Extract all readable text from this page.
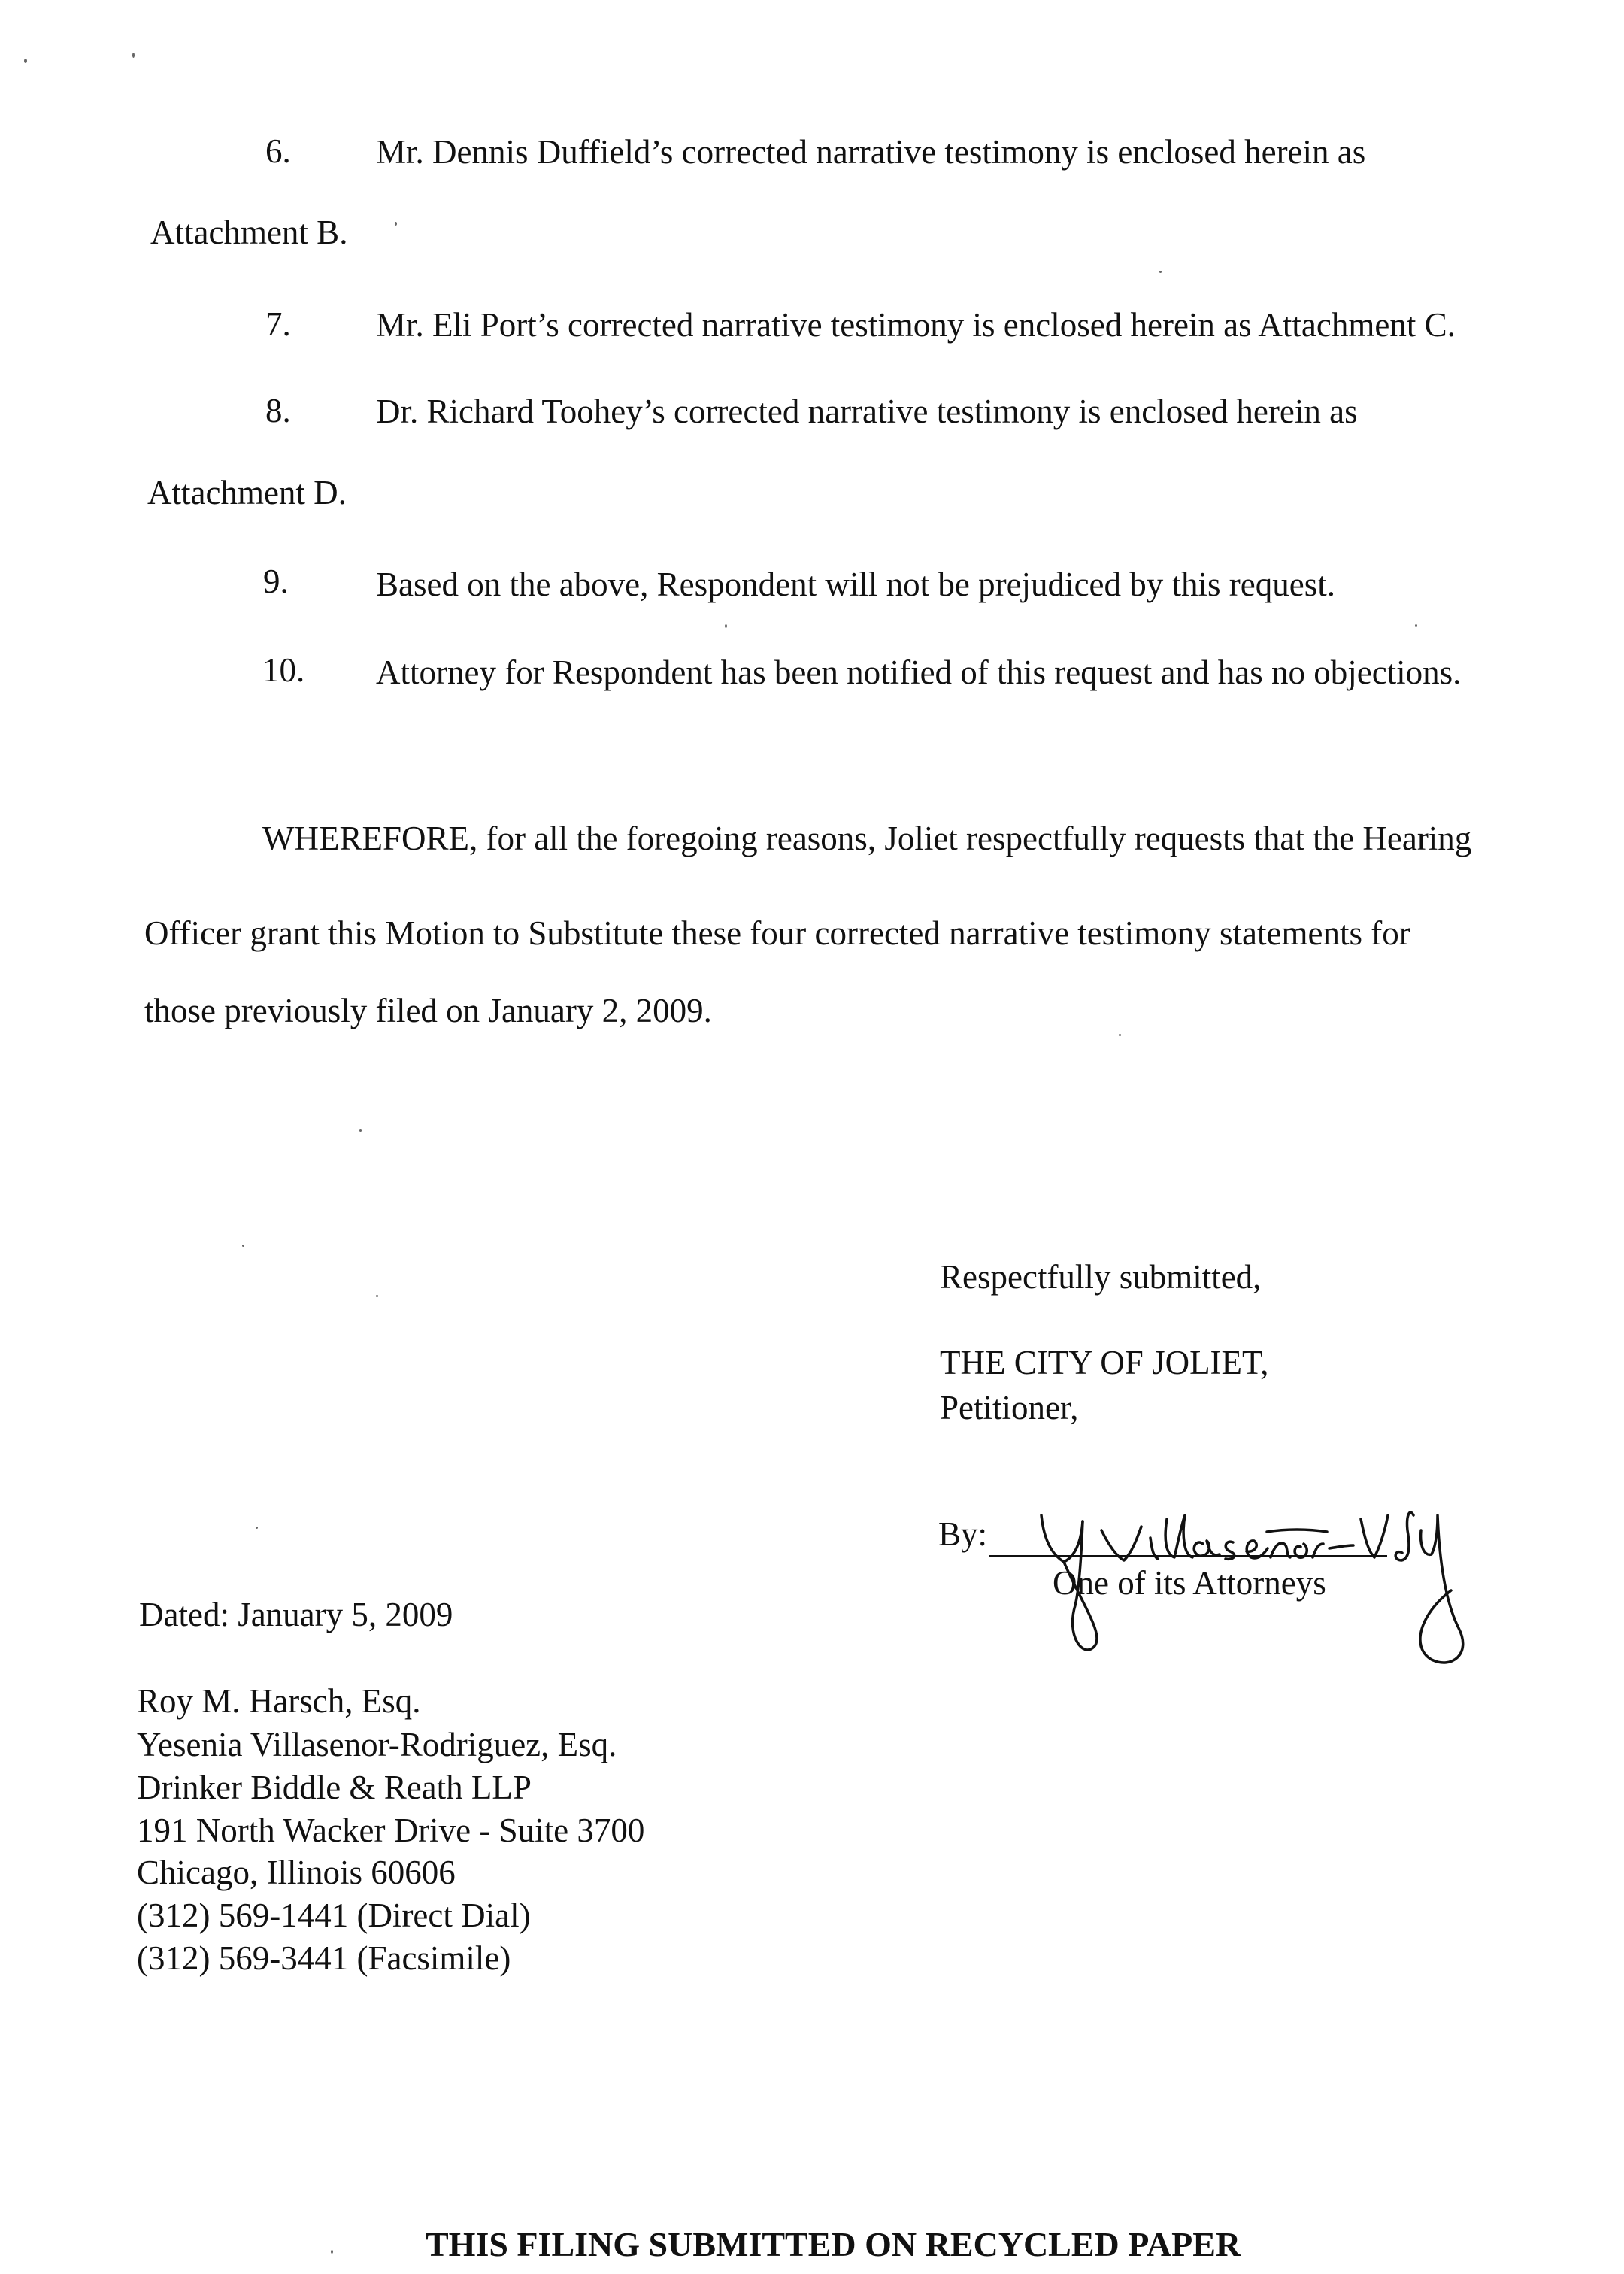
6.	Mr. Dennis Duffield’s corrected narrative testimony is enclosed herein as
Attachment B.
7.	Mr. Eli Port’s corrected narrative testimony is enclosed herein as Attachment C.
8.	Dr. Richard Toohey’s corrected narrative testimony is enclosed herein as
Attachment D.
9.	Based on the above, Respondent will not be prejudiced by this request.
10. Attorney for Respondent has been notified of this request and has no objections.
WHEREFORE, for all the foregoing reasons, Joliet respectfully requests that the Hearing
Officer grant this Motion to Substitute these four corrected narrative testimony statements for
those previously filed on January 2, 2009.
Respectfully submitted,
THE CITY OF JOLIET,
Petitioner,
By:
One of its Attorneys
Dated: January 5, 2009
Roy M. Harsch, Esq.
Yesenia Villasenor-Rodriguez, Esq.
Drinker Biddle & Reath LLP
191 North Wacker Drive - Suite 3700
Chicago, Illinois 60606
(312) 569-1441 (Direct Dial)
(312) 569-3441 (Facsimile)
THIS FILING SUBMITTED ON RECYCLED PAPER
